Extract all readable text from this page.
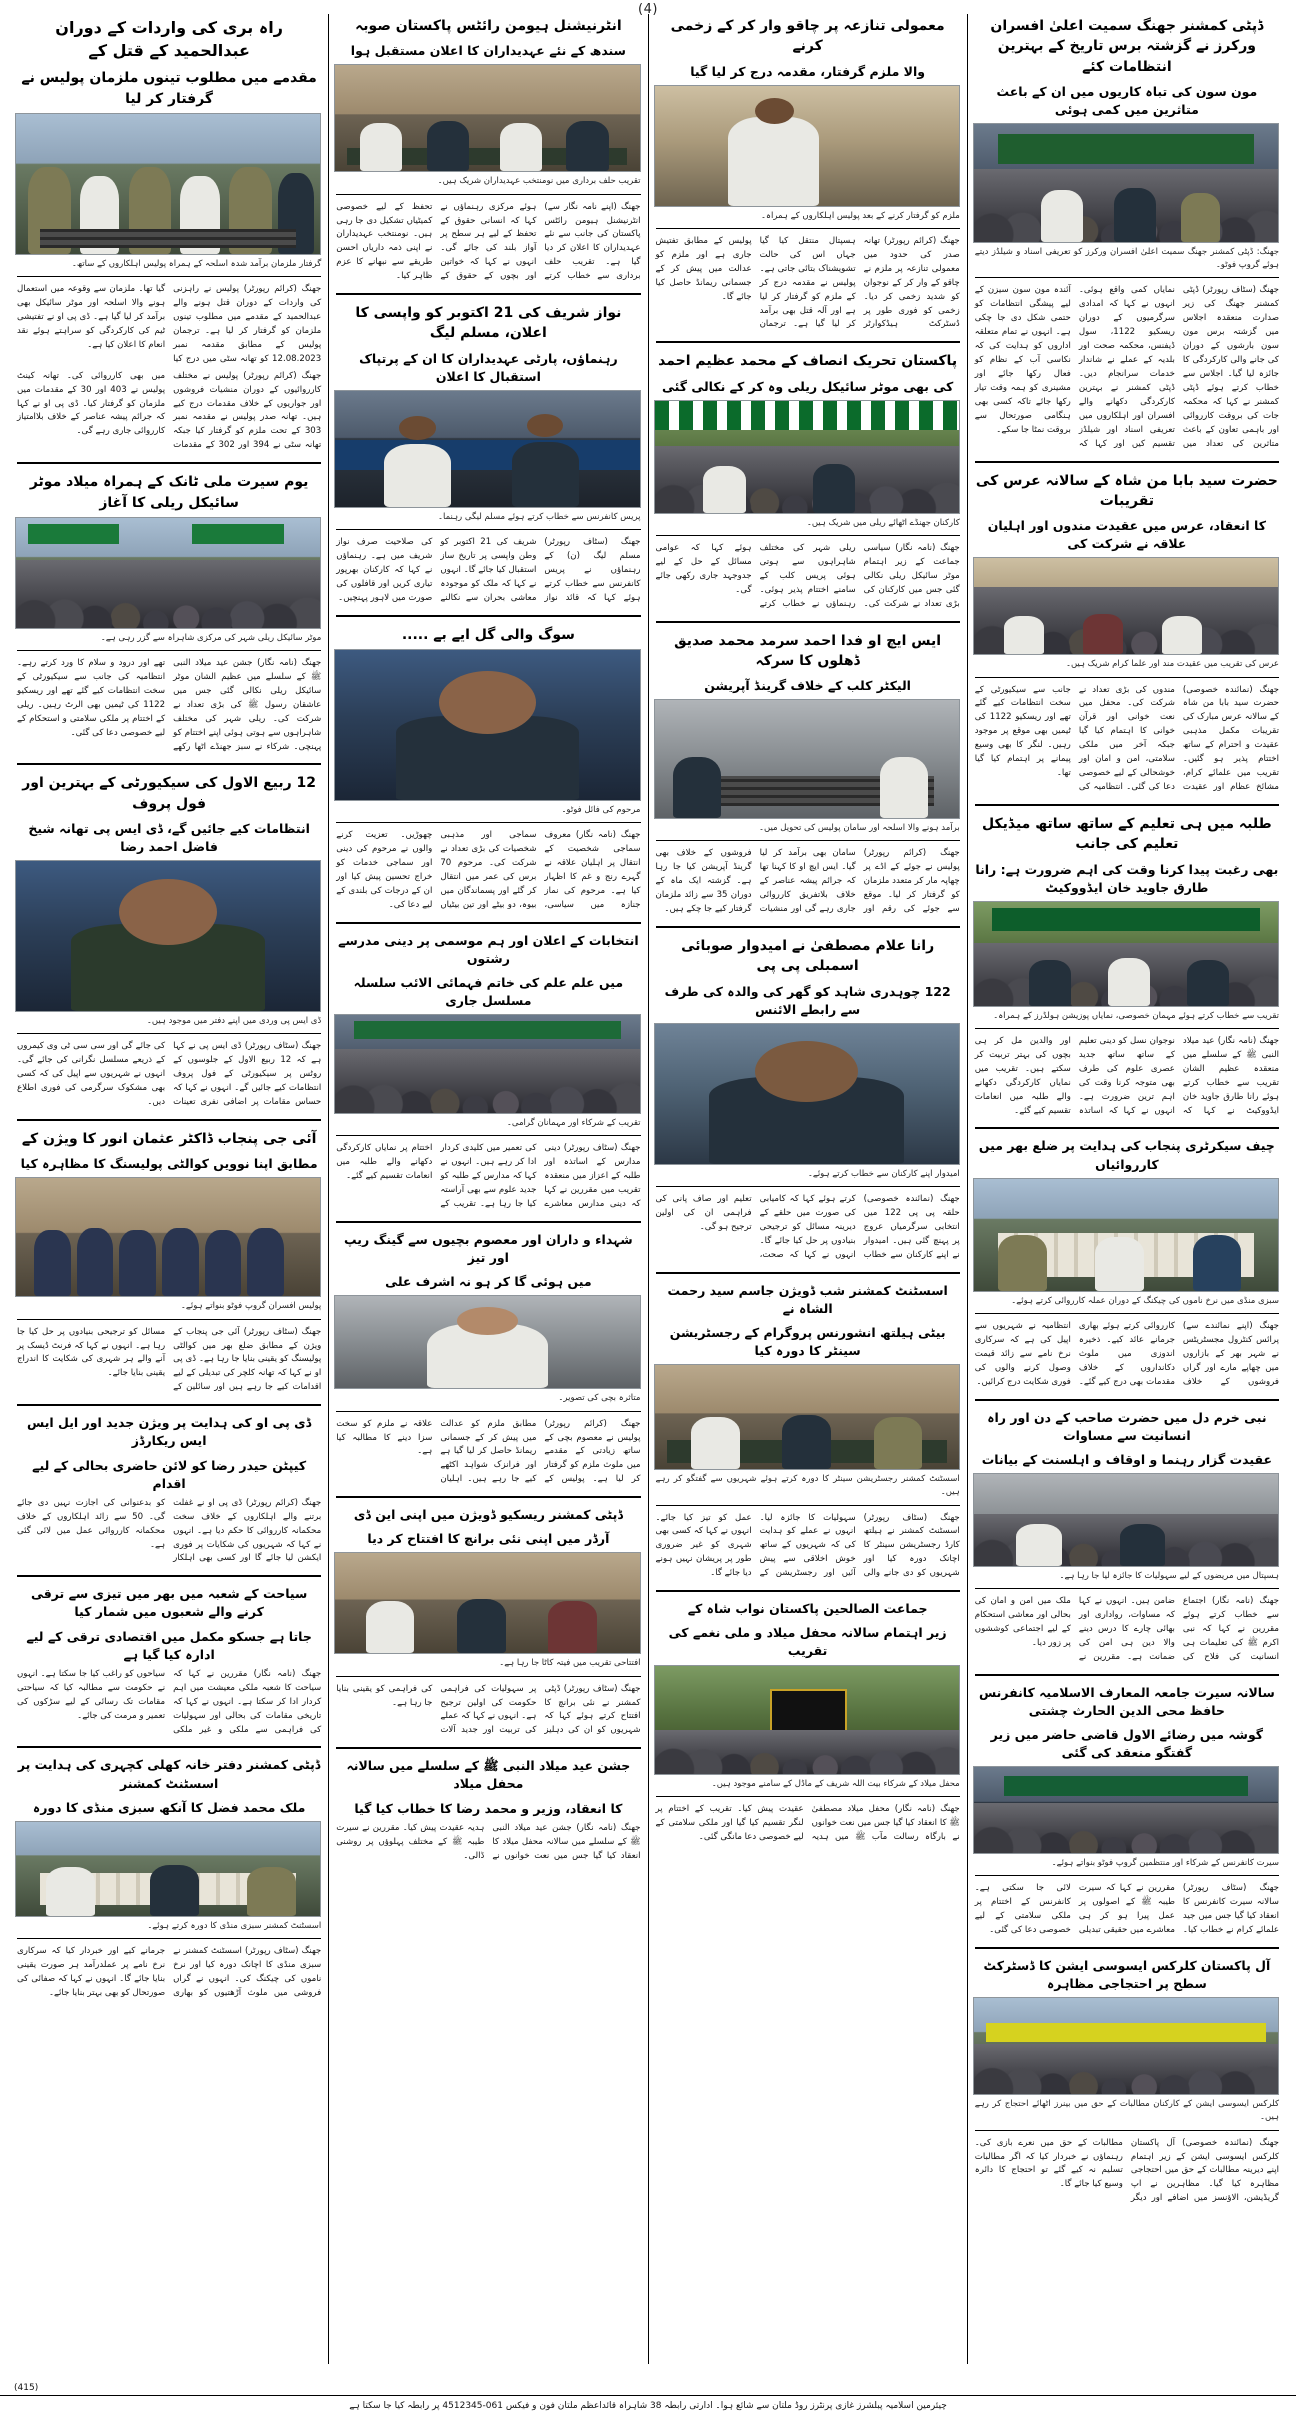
(4)
ڈپٹی کمشنر جھنگ سمیت اعلیٰ افسران ورکرز نے گزشتہ برس تاریخ کے بہترین انتظامات کئے
مون سون کی تباہ کاریوں میں ان کے باعث متاثرین میں کمی ہوئی
جھنگ: ڈپٹی کمشنر جھنگ سمیت اعلیٰ افسران ورکرز کو تعریفی اسناد و شیلڈز دیتے ہوئے گروپ فوٹو۔
جھنگ (سٹاف رپورٹر) ڈپٹی کمشنر جھنگ کی زیر صدارت منعقدہ اجلاس میں گزشتہ برس مون سون بارشوں کے دوران کی جانے والی کارکردگی کا جائزہ لیا گیا۔ اجلاس سے خطاب کرتے ہوئے ڈپٹی کمشنر نے کہا کہ محکمہ جات کی بروقت کارروائی اور باہمی تعاون کے باعث متاثرین کی تعداد میں نمایاں کمی واقع ہوئی۔ انہوں نے کہا کہ امدادی سرگرمیوں کے دوران ریسکیو 1122، سول ڈیفنس، محکمہ صحت اور بلدیہ کے عملے نے شاندار خدمات سرانجام دیں۔ ڈپٹی کمشنر نے بہترین کارکردگی دکھانے والے افسران اور اہلکاروں میں تعریفی اسناد اور شیلڈز تقسیم کیں اور کہا کہ آئندہ مون سون سیزن کے لیے پیشگی انتظامات کو حتمی شکل دی جا چکی ہے۔ انہوں نے تمام متعلقہ اداروں کو ہدایت کی کہ نکاسی آب کے نظام کو فعال رکھا جائے اور مشینری کو ہمہ وقت تیار رکھا جائے تاکہ کسی بھی ہنگامی صورتحال سے بروقت نمٹا جا سکے۔
حضرت سید بابا من شاہ کے سالانہ عرس کی تقریبات
کا انعقاد، عرس میں عقیدت مندوں اور اہلیان علاقہ نے شرکت کی
عرس کی تقریب میں عقیدت مند اور علما کرام شریک ہیں۔
جھنگ (نمائندہ خصوصی) حضرت سید بابا من شاہ کے سالانہ عرس مبارک کی تقریبات مکمل مذہبی عقیدت و احترام کے ساتھ اختتام پذیر ہو گئیں۔ تقریب میں علمائے کرام، مشائخ عظام اور عقیدت مندوں کی بڑی تعداد نے شرکت کی۔ محفل میں نعت خوانی اور قرآن خوانی کا اہتمام کیا گیا جبکہ آخر میں ملکی سلامتی، امن و امان اور خوشحالی کے لیے خصوصی دعا کی گئی۔ انتظامیہ کی جانب سے سیکیورٹی کے سخت انتظامات کیے گئے تھے اور ریسکیو 1122 کی ٹیمیں بھی موقع پر موجود رہیں۔ لنگر کا بھی وسیع پیمانے پر اہتمام کیا گیا تھا۔
طلبہ میں ہی تعلیم کے ساتھ ساتھ میڈیکل تعلیم کی جانب
بھی رغبت پیدا کرنا وقت کی اہم ضرورت ہے: رانا طارق جاوید خان ایڈووکیٹ
تقریب سے خطاب کرتے ہوئے مہمان خصوصی، نمایاں پوزیشن ہولڈرز کے ہمراہ۔
جھنگ (نامہ نگار) عید میلاد النبی ﷺ کے سلسلے میں منعقدہ عظیم الشان تقریب سے خطاب کرتے ہوئے رانا طارق جاوید خان ایڈووکیٹ نے کہا کہ نوجوان نسل کو دینی تعلیم کے ساتھ ساتھ جدید عصری علوم کی طرف بھی متوجہ کرنا وقت کی اہم ترین ضرورت ہے۔ انہوں نے کہا کہ اساتذہ اور والدین مل کر ہی بچوں کی بہتر تربیت کر سکتے ہیں۔ تقریب میں نمایاں کارکردگی دکھانے والے طلبہ میں انعامات تقسیم کیے گئے۔
چیف سیکرٹری پنجاب کی ہدایت پر ضلع بھر میں کارروائیاں
سبزی منڈی میں نرخ ناموں کی چیکنگ کے دوران عملہ کارروائی کرتے ہوئے۔
جھنگ (اپنے نمائندے سے) پرائس کنٹرول مجسٹریٹس نے شہر بھر کے بازاروں میں چھاپے مارے اور گراں فروشوں کے خلاف کارروائی کرتے ہوئے بھاری جرمانے عائد کیے۔ ذخیرہ اندوزی میں ملوث دکانداروں کے خلاف مقدمات بھی درج کیے گئے۔ انتظامیہ نے شہریوں سے اپیل کی ہے کہ سرکاری نرخ نامے سے زائد قیمت وصول کرنے والوں کی فوری شکایت درج کرائیں۔
نبی خرم دل میں حضرت صاحب کے دن اور راہ انسانیت سے مساوات
عقیدت گزار رہنما و اوقاف و اہلسنت کے بیانات
ہسپتال میں مریضوں کے لیے سہولیات کا جائزہ لیا جا رہا ہے۔
جھنگ (نامہ نگار) اجتماع سے خطاب کرتے ہوئے مقررین نے کہا کہ نبی اکرم ﷺ کی تعلیمات ہی انسانیت کی فلاح کی ضامن ہیں۔ انہوں نے کہا کہ مساوات، رواداری اور بھائی چارے کا درس دینے والا دین ہی امن کی ضمانت ہے۔ مقررین نے ملک میں امن و امان کی بحالی اور معاشی استحکام کے لیے اجتماعی کوششوں پر زور دیا۔
سالانہ سیرت جامعہ المعارف الاسلامیہ کانفرنس حافظ محی الدین الحارث چشتی
گوشہ میں رضائے الاول قاضی حاضر میں زیر گفتگو منعقد کی گئی
سیرت کانفرنس کے شرکاء اور منتظمین گروپ فوٹو بنواتے ہوئے۔
جھنگ (سٹاف رپورٹر) سالانہ سیرت کانفرنس کا انعقاد کیا گیا جس میں جید علمائے کرام نے خطاب کیا۔ مقررین نے کہا کہ سیرت طیبہ ﷺ کے اصولوں پر عمل پیرا ہو کر ہی معاشرے میں حقیقی تبدیلی لائی جا سکتی ہے۔ کانفرنس کے اختتام پر ملکی سلامتی کے لیے خصوصی دعا کی گئی۔
آل پاکستان کلرکس ایسوسی ایشن کا ڈسٹرکٹ سطح پر احتجاجی مظاہرہ
کلرکس ایسوسی ایشن کے کارکنان مطالبات کے حق میں بینرز اٹھائے احتجاج کر رہے ہیں۔
جھنگ (نمائندہ خصوصی) آل پاکستان کلرکس ایسوسی ایشن کے زیر اہتمام اپنے دیرینہ مطالبات کے حق میں احتجاجی مظاہرہ کیا گیا۔ مظاہرین نے اپ گریڈیشن، الاؤنسز میں اضافے اور دیگر مطالبات کے حق میں نعرے بازی کی۔ رہنماؤں نے خبردار کیا کہ اگر مطالبات تسلیم نہ کیے گئے تو احتجاج کا دائرہ وسیع کیا جائے گا۔
معمولی تنازعہ پر چاقو وار کر کے زخمی کرنے
والا ملزم گرفتار، مقدمہ درج کر لیا گیا
ملزم کو گرفتار کرنے کے بعد پولیس اہلکاروں کے ہمراہ۔
جھنگ (کرائم رپورٹر) تھانہ صدر کی حدود میں معمولی تنازعہ پر ملزم نے چاقو کے وار کر کے نوجوان کو شدید زخمی کر دیا۔ زخمی کو فوری طور پر ڈسٹرکٹ ہیڈکوارٹر ہسپتال منتقل کیا گیا جہاں اس کی حالت تشویشناک بتائی جاتی ہے۔ پولیس نے مقدمہ درج کر کے ملزم کو گرفتار کر لیا ہے اور آلہ قتل بھی برآمد کر لیا گیا ہے۔ ترجمان پولیس کے مطابق تفتیش جاری ہے اور ملزم کو عدالت میں پیش کر کے جسمانی ریمانڈ حاصل کیا جائے گا۔
پاکستان تحریک انصاف کے محمد عظیم احمد
کی بھی موٹر سائیکل ریلی وہ کر کے نکالی گئی
کارکنان جھنڈے اٹھائے ریلی میں شریک ہیں۔
جھنگ (نامہ نگار) سیاسی جماعت کے زیر اہتمام موٹر سائیکل ریلی نکالی گئی جس میں کارکنان کی بڑی تعداد نے شرکت کی۔ ریلی شہر کی مختلف شاہراہوں سے ہوتی ہوئی پریس کلب کے سامنے اختتام پذیر ہوئی۔ رہنماؤں نے خطاب کرتے ہوئے کہا کہ عوامی مسائل کے حل کے لیے جدوجہد جاری رکھی جائے گی۔
ایس ایچ او فدا احمد سرمد محمد صدیق ڈھلوں کا سرکہ
الیکٹر کلب کے خلاف گرینڈ آپریشن
برآمد ہونے والا اسلحہ اور سامان پولیس کی تحویل میں۔
جھنگ (کرائم رپورٹر) پولیس نے جوئے کے اڈے پر چھاپہ مار کر متعدد ملزمان کو گرفتار کر لیا۔ موقع سے جوئے کی رقم اور سامان بھی برآمد کر لیا گیا۔ ایس ایچ او کا کہنا تھا کہ جرائم پیشہ عناصر کے خلاف بلاتفریق کارروائی جاری رہے گی اور منشیات فروشوں کے خلاف بھی گرینڈ آپریشن کیا جا رہا ہے۔ گزشتہ ایک ماہ کے دوران 35 سے زائد ملزمان گرفتار کیے جا چکے ہیں۔
رانا علام مصطفیٰ نے امیدوار صوبائی اسمبلی پی پی
122 چوہدری شاہد کو گھر کی والدہ کی طرف سے رابطے الائنس
امیدوار اپنے کارکنان سے خطاب کرتے ہوئے۔
جھنگ (نمائندہ خصوصی) حلقہ پی پی 122 میں انتخابی سرگرمیاں عروج پر پہنچ گئی ہیں۔ امیدوار نے اپنے کارکنان سے خطاب کرتے ہوئے کہا کہ کامیابی کی صورت میں حلقے کے دیرینہ مسائل کو ترجیحی بنیادوں پر حل کیا جائے گا۔ انہوں نے کہا کہ صحت، تعلیم اور صاف پانی کی فراہمی ان کی اولین ترجیح ہو گی۔
اسسٹنٹ کمشنر شب ڈویژن جاسم سید رحمت الشاہ نے
بیٹی ہیلتھ انشورنس پروگرام کے رجسٹریشن سینٹر کا دورہ کیا
اسسٹنٹ کمشنر رجسٹریشن سینٹر کا دورہ کرتے ہوئے شہریوں سے گفتگو کر رہے ہیں۔
جھنگ (سٹاف رپورٹر) اسسٹنٹ کمشنر نے ہیلتھ کارڈ رجسٹریشن سینٹر کا اچانک دورہ کیا اور شہریوں کو دی جانے والی سہولیات کا جائزہ لیا۔ انہوں نے عملے کو ہدایت کی کہ شہریوں کے ساتھ خوش اخلاقی سے پیش آئیں اور رجسٹریشن کے عمل کو تیز کیا جائے۔ انہوں نے کہا کہ کسی بھی شہری کو غیر ضروری طور پر پریشان نہیں ہونے دیا جائے گا۔
جماعت الصالحین پاکستان نواب شاہ کے
زیر اہتمام سالانہ محفل میلاد و ملی نغمے کی تقریب
محفل میلاد کے شرکاء بیت اللہ شریف کے ماڈل کے سامنے موجود ہیں۔
جھنگ (نامہ نگار) محفل میلاد مصطفیٰ ﷺ کا انعقاد کیا گیا جس میں نعت خوانوں نے بارگاہ رسالت مآب ﷺ میں ہدیہ عقیدت پیش کیا۔ تقریب کے اختتام پر لنگر تقسیم کیا گیا اور ملکی سلامتی کے لیے خصوصی دعا مانگی گئی۔
انٹرنیشنل ہیومن رائٹس پاکستان صوبہ
سندھ کے نئے عہدیداران کا اعلان مستقبل ہوا
تقریب حلف برداری میں نومنتخب عہدیداران شریک ہیں۔
جھنگ (اپنے نامہ نگار سے) انٹرنیشنل ہیومن رائٹس پاکستان کی جانب سے نئے عہدیداران کا اعلان کر دیا گیا ہے۔ تقریب حلف برداری سے خطاب کرتے ہوئے مرکزی رہنماؤں نے کہا کہ انسانی حقوق کے تحفظ کے لیے ہر سطح پر آواز بلند کی جائے گی۔ انہوں نے کہا کہ خواتین اور بچوں کے حقوق کے تحفظ کے لیے خصوصی کمیٹیاں تشکیل دی جا رہی ہیں۔ نومنتخب عہدیداران نے اپنی ذمہ داریاں احسن طریقے سے نبھانے کا عزم ظاہر کیا۔
نواز شریف کی 21 اکتوبر کو واپسی کا اعلان، مسلم لیگ
رہنماؤں، پارٹی عہدیداران کا ان کے پرتپاک استقبال کا اعلان
پریس کانفرنس سے خطاب کرتے ہوئے مسلم لیگی رہنما۔
جھنگ (سٹاف رپورٹر) مسلم لیگ (ن) کے رہنماؤں نے پریس کانفرنس سے خطاب کرتے ہوئے کہا کہ قائد نواز شریف کی 21 اکتوبر کو وطن واپسی پر تاریخ ساز استقبال کیا جائے گا۔ انہوں نے کہا کہ ملک کو موجودہ معاشی بحران سے نکالنے کی صلاحیت صرف نواز شریف میں ہے۔ رہنماؤں نے کہا کہ کارکنان بھرپور تیاری کریں اور قافلوں کی صورت میں لاہور پہنچیں۔
سوگ والی گل ایے بے .....
مرحوم کی فائل فوٹو۔
جھنگ (نامہ نگار) معروف سماجی شخصیت کے انتقال پر اہلیان علاقہ نے گہرے رنج و غم کا اظہار کیا ہے۔ مرحوم کی نماز جنازہ میں سیاسی، سماجی اور مذہبی شخصیات کی بڑی تعداد نے شرکت کی۔ مرحوم 70 برس کی عمر میں انتقال کر گئے اور پسماندگان میں بیوہ، دو بیٹے اور تین بیٹیاں چھوڑیں۔ تعزیت کرنے والوں نے مرحوم کی دینی اور سماجی خدمات کو خراج تحسین پیش کیا اور ان کے درجات کی بلندی کے لیے دعا کی۔
انتخابات کے اعلان اور ہم موسمی پر دینی مدرسے رشتوں
میں علم علم کی خاتم فہمائی الائب سلسلہ مسلسل جاری
تقریب کے شرکاء اور مہمانان گرامی۔
جھنگ (سٹاف رپورٹر) دینی مدارس کے اساتذہ اور طلبہ کے اعزاز میں منعقدہ تقریب میں مقررین نے کہا کہ دینی مدارس معاشرے کی تعمیر میں کلیدی کردار ادا کر رہے ہیں۔ انہوں نے کہا کہ مدارس کے طلبہ کو جدید علوم سے بھی آراستہ کیا جا رہا ہے۔ تقریب کے اختتام پر نمایاں کارکردگی دکھانے والے طلبہ میں انعامات تقسیم کیے گئے۔
شہداء و داران اور معصوم بچیوں سے گینگ ریپ اور تیز
میں ہوئی گا کر ہو نہ اشرف علی
متاثرہ بچی کی تصویر۔
جھنگ (کرائم رپورٹر) پولیس نے معصوم بچی کے ساتھ زیادتی کے مقدمے میں ملوث ملزم کو گرفتار کر لیا ہے۔ پولیس کے مطابق ملزم کو عدالت میں پیش کر کے جسمانی ریمانڈ حاصل کر لیا گیا ہے اور فرانزک شواہد اکٹھے کیے جا رہے ہیں۔ اہلیان علاقہ نے ملزم کو سخت سزا دینے کا مطالبہ کیا ہے۔
ڈپٹی کمشنر ریسکیو ڈویژن میں اپنی این ڈی
آرڈر میں اپنی نئی برانچ کا افتتاح کر دیا
افتتاحی تقریب میں فیتہ کاٹا جا رہا ہے۔
جھنگ (سٹاف رپورٹر) ڈپٹی کمشنر نے نئی برانچ کا افتتاح کرتے ہوئے کہا کہ شہریوں کو ان کی دہلیز پر سہولیات کی فراہمی حکومت کی اولین ترجیح ہے۔ انہوں نے کہا کہ عملے کی تربیت اور جدید آلات کی فراہمی کو یقینی بنایا جا رہا ہے۔
جشن عید میلاد النبی ﷺ کے سلسلے میں سالانہ محفل میلاد
کا انعقاد، وزیر و محمد رضا کا خطاب کیا گیا
جھنگ (نامہ نگار) جشن عید میلاد النبی ﷺ کے سلسلے میں سالانہ محفل میلاد کا انعقاد کیا گیا جس میں نعت خوانوں نے ہدیہ عقیدت پیش کیا۔ مقررین نے سیرت طیبہ ﷺ کے مختلف پہلوؤں پر روشنی ڈالی۔
راہ بری کی واردات کے دوران عبدالحمید کے قتل کے
مقدمے میں مطلوب تینوں ملزمان پولیس نے گرفتار کر لیا
گرفتار ملزمان برآمد شدہ اسلحہ کے ہمراہ پولیس اہلکاروں کے ساتھ۔
جھنگ (کرائم رپورٹر) پولیس نے راہزنی کی واردات کے دوران قتل ہونے والے عبدالحمید کے مقدمے میں مطلوب تینوں ملزمان کو گرفتار کر لیا ہے۔ ترجمان پولیس کے مطابق مقدمہ نمبر 12.08.2023 کو تھانہ سٹی میں درج کیا گیا تھا۔ ملزمان سے وقوعہ میں استعمال ہونے والا اسلحہ اور موٹر سائیکل بھی برآمد کر لیا گیا ہے۔ ڈی پی او نے تفتیشی ٹیم کی کارکردگی کو سراہتے ہوئے نقد انعام کا اعلان کیا ہے۔
جھنگ (کرائم رپورٹر) پولیس نے مختلف کارروائیوں کے دوران منشیات فروشوں اور جواریوں کے خلاف مقدمات درج کیے ہیں۔ تھانہ صدر پولیس نے مقدمہ نمبر 303 کے تحت ملزم کو گرفتار کیا جبکہ تھانہ سٹی نے 394 اور 302 کے مقدمات میں بھی کارروائی کی۔ تھانہ کینٹ پولیس نے 403 اور 30 کے مقدمات میں ملزمان کو گرفتار کیا۔ ڈی پی او نے کہا کہ جرائم پیشہ عناصر کے خلاف بلاامتیاز کارروائی جاری رہے گی۔
یوم سیرت ملی ٹانک کے ہمراہ میلاد موٹر سائیکل ریلی کا آغاز
موٹر سائیکل ریلی شہر کی مرکزی شاہراہ سے گزر رہی ہے۔
جھنگ (نامہ نگار) جشن عید میلاد النبی ﷺ کے سلسلے میں عظیم الشان موٹر سائیکل ریلی نکالی گئی جس میں عاشقان رسول ﷺ کی بڑی تعداد نے شرکت کی۔ ریلی شہر کی مختلف شاہراہوں سے ہوتی ہوئی اپنے اختتام کو پہنچی۔ شرکاء نے سبز جھنڈے اٹھا رکھے تھے اور درود و سلام کا ورد کرتے رہے۔ انتظامیہ کی جانب سے سیکیورٹی کے سخت انتظامات کیے گئے تھے اور ریسکیو 1122 کی ٹیمیں بھی الرٹ رہیں۔ ریلی کے اختتام پر ملکی سلامتی و استحکام کے لیے خصوصی دعا کی گئی۔
12 ربیع الاول کی سیکیورٹی کے بہترین اور فول پروف
انتظامات کیے جائیں گے، ڈی ایس پی تھانہ شیخ فاضل احمد رضا
ڈی ایس پی وردی میں اپنے دفتر میں موجود ہیں۔
جھنگ (سٹاف رپورٹر) ڈی ایس پی نے کہا ہے کہ 12 ربیع الاول کے جلوسوں کے روٹس پر سیکیورٹی کے فول پروف انتظامات کیے جائیں گے۔ انہوں نے کہا کہ حساس مقامات پر اضافی نفری تعینات کی جائے گی اور سی سی ٹی وی کیمروں کے ذریعے مسلسل نگرانی کی جائے گی۔ انہوں نے شہریوں سے اپیل کی کہ کسی بھی مشکوک سرگرمی کی فوری اطلاع دیں۔
آئی جی پنجاب ڈاکٹر عثمان انور کا ویژن کے
مطابق اپنا نوویں کوالٹی پولیسنگ کا مظاہرہ کیا
پولیس افسران گروپ فوٹو بنواتے ہوئے۔
جھنگ (سٹاف رپورٹر) آئی جی پنجاب کے ویژن کے مطابق ضلع بھر میں کوالٹی پولیسنگ کو یقینی بنایا جا رہا ہے۔ ڈی پی او نے کہا کہ تھانہ کلچر کی تبدیلی کے لیے اقدامات کیے جا رہے ہیں اور سائلین کے مسائل کو ترجیحی بنیادوں پر حل کیا جا رہا ہے۔ انہوں نے کہا کہ فرنٹ ڈیسک پر آنے والے ہر شہری کی شکایت کا اندراج یقینی بنایا جائے۔
ڈی پی او کی ہدایت پر ویژن جدید اور ایل ایس ایس ریکارڈز
کیپٹن حیدر رضا کو لائن حاضری بحالی کے لیے اقدام
جھنگ (کرائم رپورٹر) ڈی پی او نے غفلت برتنے والے اہلکاروں کے خلاف سخت محکمانہ کارروائی کا حکم دیا ہے۔ انہوں نے کہا کہ شہریوں کی شکایات پر فوری ایکشن لیا جائے گا اور کسی بھی اہلکار کو بدعنوانی کی اجازت نہیں دی جائے گی۔ 50 سے زائد اہلکاروں کے خلاف محکمانہ کارروائی عمل میں لائی گئی ہے۔
سیاحت کے شعبہ میں بھر میں تیزی سے ترقی کرنے والے شعبوں میں شمار کیا
جاتا ہے جسکو مکمل میں اقتصادی ترقی کے لیے ادارہ کیا گیا ہے
جھنگ (نامہ نگار) مقررین نے کہا کہ سیاحت کا شعبہ ملکی معیشت میں اہم کردار ادا کر سکتا ہے۔ انہوں نے کہا کہ تاریخی مقامات کی بحالی اور سہولیات کی فراہمی سے ملکی و غیر ملکی سیاحوں کو راغب کیا جا سکتا ہے۔ انہوں نے حکومت سے مطالبہ کیا کہ سیاحتی مقامات تک رسائی کے لیے سڑکوں کی تعمیر و مرمت کی جائے۔
ڈپٹی کمشنر دفتر خانہ کھلی کچہری کی ہدایت پر اسسٹنٹ کمشنر
ملک محمد فضل کا آنکھ سبزی منڈی کا دورہ
اسسٹنٹ کمشنر سبزی منڈی کا دورہ کرتے ہوئے۔
جھنگ (سٹاف رپورٹر) اسسٹنٹ کمشنر نے سبزی منڈی کا اچانک دورہ کیا اور نرخ ناموں کی چیکنگ کی۔ انہوں نے گراں فروشی میں ملوث آڑھتیوں کو بھاری جرمانے کیے اور خبردار کیا کہ سرکاری نرخ نامے پر عملدرآمد ہر صورت یقینی بنایا جائے گا۔ انہوں نے کہا کہ صفائی کی صورتحال کو بھی بہتر بنایا جائے۔
چیئرمین اسلامیہ پبلشرز غازی پرنٹرز روڈ ملتان سے شائع ہوا۔ ادارتی رابطہ 38 شاہراہ قائداعظم ملتان فون و فیکس 061-4512345 پر رابطہ کیا جا سکتا ہے
(415)
